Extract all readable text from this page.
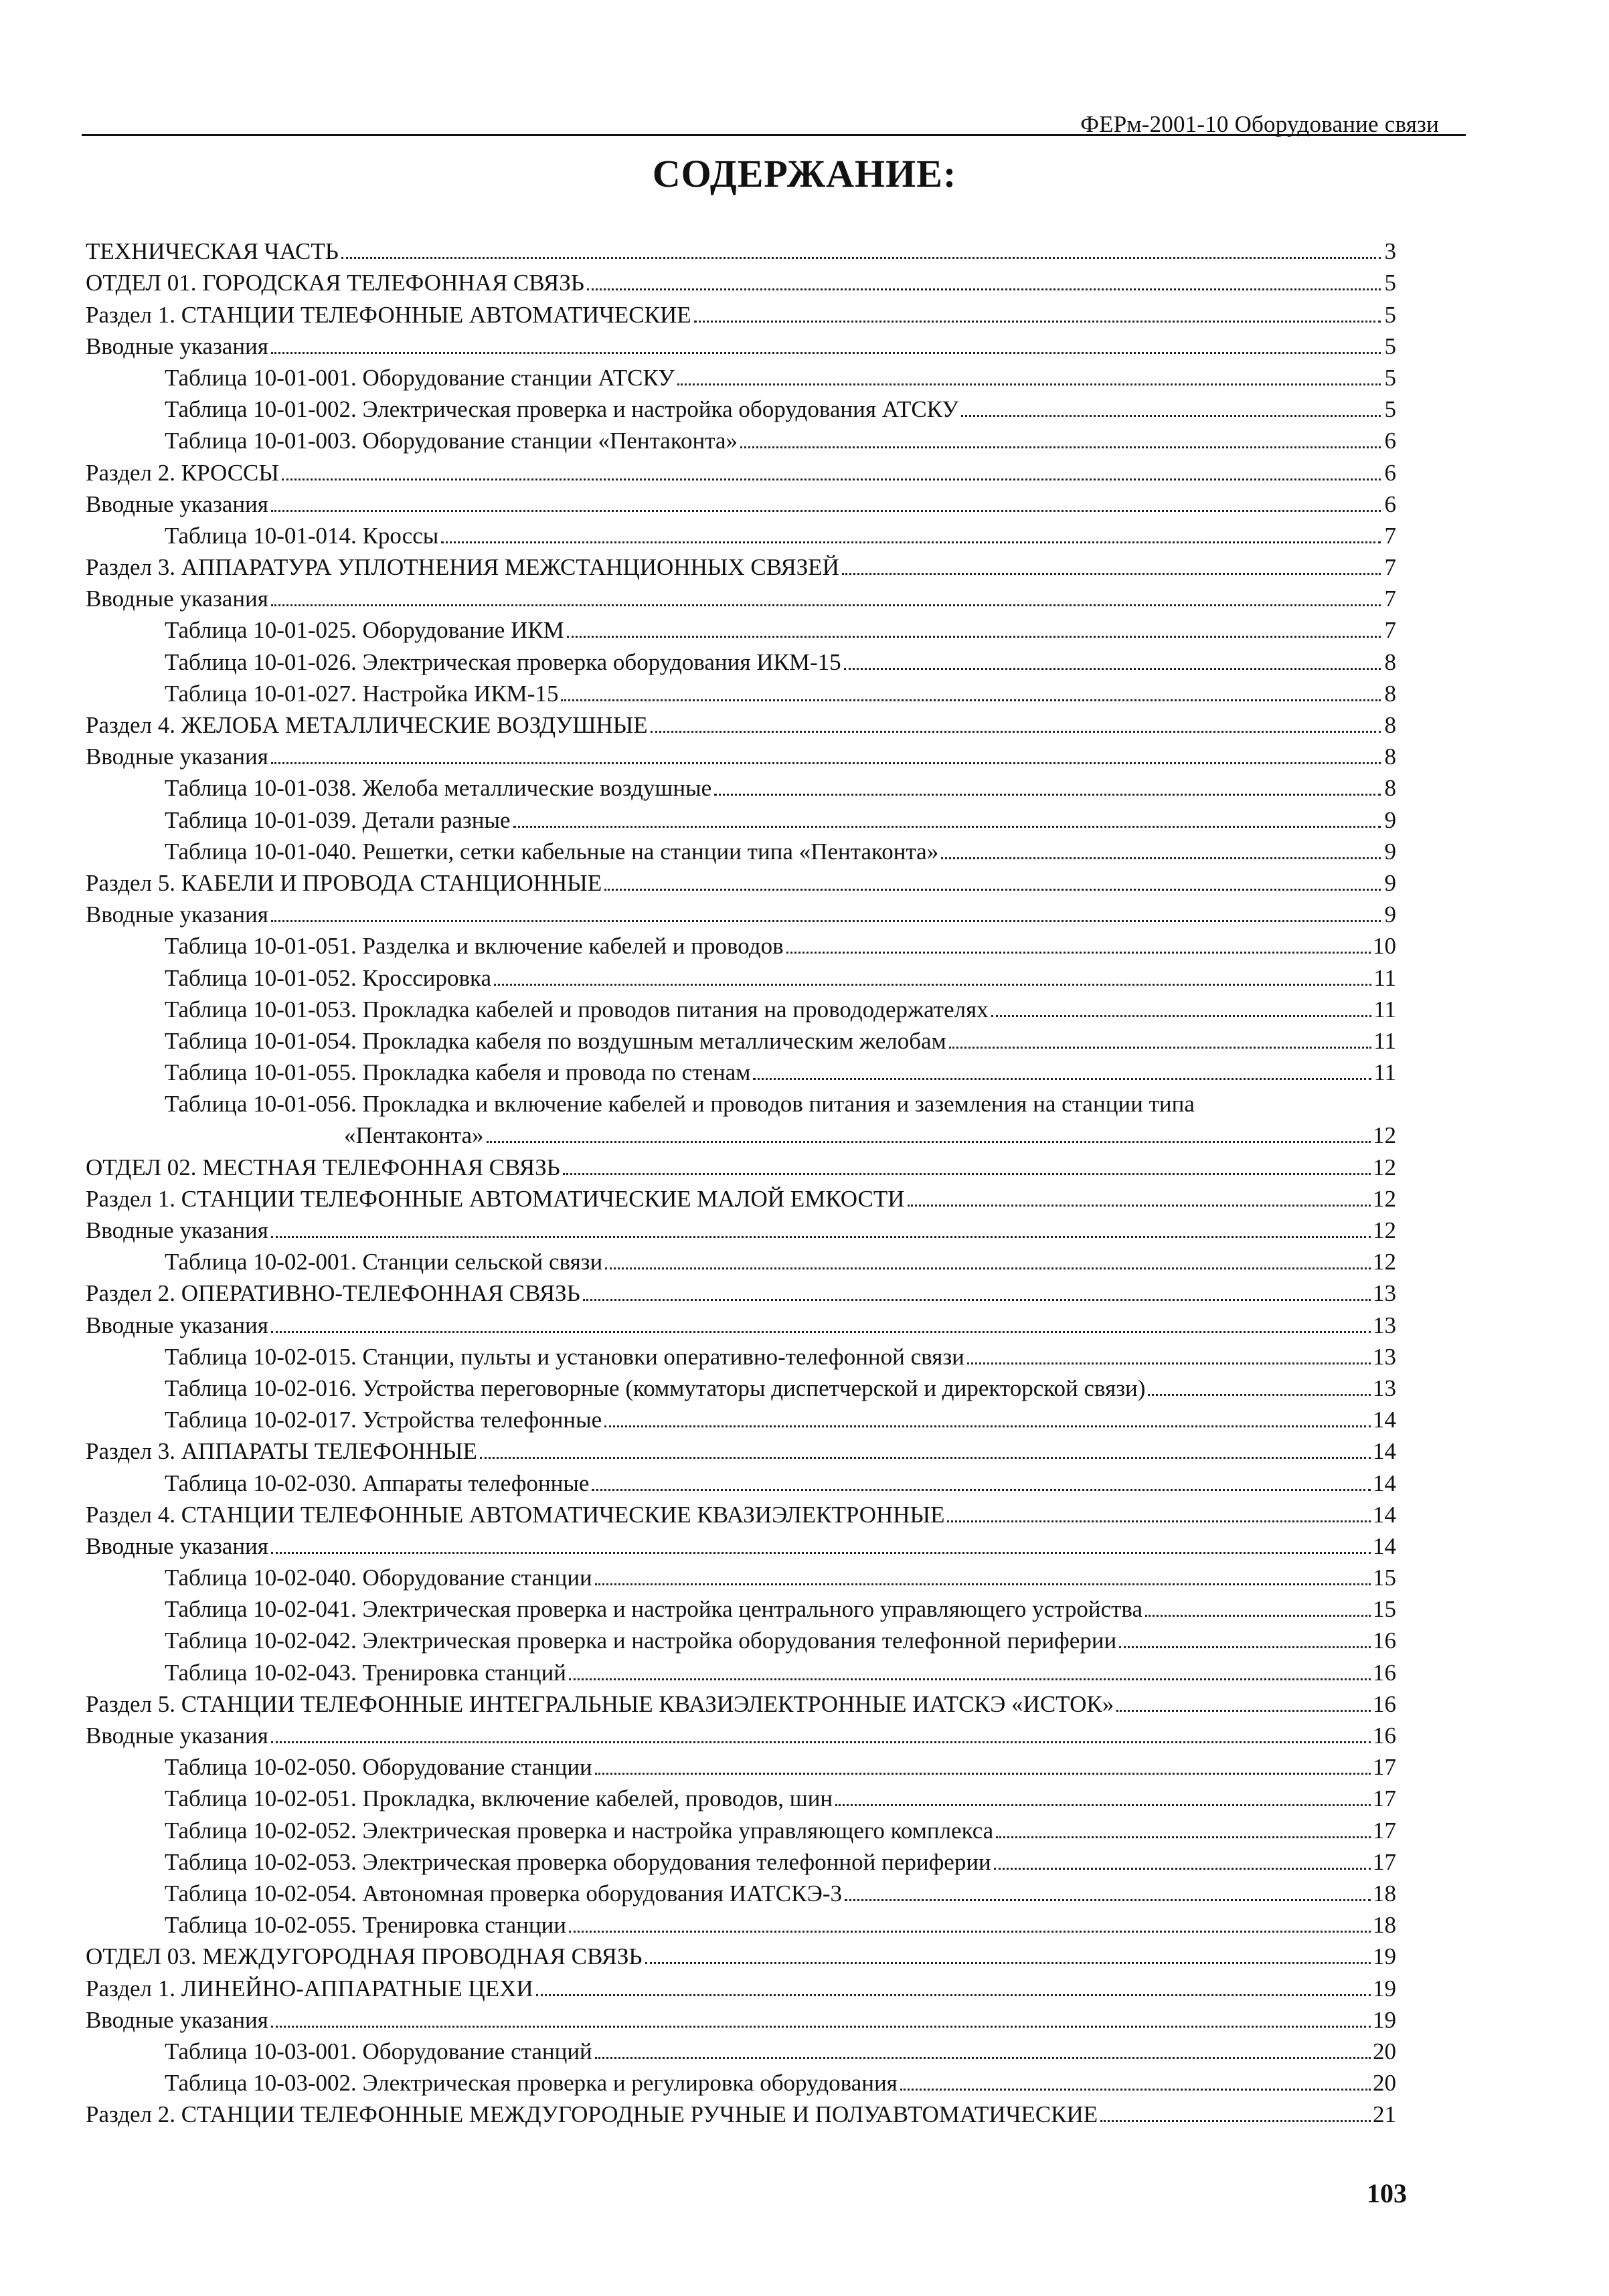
ФЕРм-2001-10 Оборудование связи
СОДЕРЖАНИЕ:
ТЕХНИЧЕСКАЯ ЧАСТЬ	3
ОТДЕЛ 01. ГОРОДСКАЯ ТЕЛЕФОННАЯ СВЯЗЬ	5
Раздел 1. СТАНЦИИ ТЕЛЕФОННЫЕ АВТОМАТИЧЕСКИЕ	5
Вводные указания	5
Таблица 10-01-001. Оборудование станции АТСКУ	5
Таблица 10-01-002. Электрическая проверка и настройка оборудования АТСКУ	5
Таблица 10-01-003. Оборудование станции «Пентаконта»	6
Раздел 2. КРОССЫ	6
Вводные указания	6
Таблица 10-01-014. Кроссы	7
Раздел 3. АППАРАТУРА УПЛОТНЕНИЯ МЕЖСТАНЦИОННЫХ СВЯЗЕЙ	7
Вводные указания	7
Таблица 10-01-025. Оборудование ИКМ	7
Таблица 10-01-026. Электрическая проверка оборудования ИКМ-15	8
Таблица 10-01-027. Настройка ИКМ-15	8
Раздел 4. ЖЕЛОБА МЕТАЛЛИЧЕСКИЕ ВОЗДУШНЫЕ	8
Вводные указания	8
Таблица 10-01-038. Желоба металлические воздушные	8
Таблица 10-01-039. Детали разные	9
Таблица 10-01-040. Решетки, сетки кабельные на станции типа «Пентаконта»	9
Раздел 5. КАБЕЛИ И ПРОВОДА СТАНЦИОННЫЕ	9
Вводные указания	9
Таблица 10-01-051. Разделка и включение кабелей и проводов	10
Таблица 10-01-052. Кроссировка	11
Таблица 10-01-053. Прокладка кабелей и проводов питания на провододержателях	11
Таблица 10-01-054. Прокладка кабеля по воздушным металлическим желобам	11
Таблица 10-01-055. Прокладка кабеля и провода по стенам	11
Таблица 10-01-056. Прокладка и включение кабелей и проводов питания и заземления на станции типа
«Пентаконта»	12
ОТДЕЛ 02. МЕСТНАЯ ТЕЛЕФОННАЯ СВЯЗЬ	12
Раздел 1. СТАНЦИИ ТЕЛЕФОННЫЕ АВТОМАТИЧЕСКИЕ МАЛОЙ ЕМКОСТИ	12
Вводные указания	12
Таблица 10-02-001. Станции сельской связи	12
Раздел 2. ОПЕРАТИВНО-ТЕЛЕФОННАЯ СВЯЗЬ	13
Вводные указания	13
Таблица 10-02-015. Станции, пульты и установки оперативно-телефонной связи	13
Таблица 10-02-016. Устройства переговорные (коммутаторы диспетчерской и директорской связи)	13
Таблица 10-02-017. Устройства телефонные	14
Раздел 3. АППАРАТЫ ТЕЛЕФОННЫЕ	14
Таблица 10-02-030. Аппараты телефонные	14
Раздел 4. СТАНЦИИ ТЕЛЕФОННЫЕ АВТОМАТИЧЕСКИЕ КВАЗИЭЛЕКТРОННЫЕ	14
Вводные указания	14
Таблица 10-02-040. Оборудование станции	15
Таблица 10-02-041. Электрическая проверка и настройка центрального управляющего устройства	15
Таблица 10-02-042. Электрическая проверка и настройка оборудования телефонной периферии	16
Таблица 10-02-043. Тренировка станций	16
Раздел 5. СТАНЦИИ ТЕЛЕФОННЫЕ ИНТЕГРАЛЬНЫЕ КВАЗИЭЛЕКТРОННЫЕ ИАТСКЭ «ИСТОК»	16
Вводные указания	16
Таблица 10-02-050. Оборудование станции	17
Таблица 10-02-051. Прокладка, включение кабелей, проводов, шин	17
Таблица 10-02-052. Электрическая проверка и настройка управляющего комплекса	17
Таблица 10-02-053. Электрическая проверка оборудования телефонной периферии	17
Таблица 10-02-054. Автономная проверка оборудования ИАТСКЭ-3	18
Таблица 10-02-055. Тренировка станции	18
ОТДЕЛ 03. МЕЖДУГОРОДНАЯ ПРОВОДНАЯ СВЯЗЬ	19
Раздел 1. ЛИНЕЙНО-АППАРАТНЫЕ ЦЕХИ	19
Вводные указания	19
Таблица 10-03-001. Оборудование станций	20
Таблица 10-03-002. Электрическая проверка и регулировка оборудования	20
Раздел 2. СТАНЦИИ ТЕЛЕФОННЫЕ МЕЖДУГОРОДНЫЕ РУЧНЫЕ И ПОЛУАВТОМАТИЧЕСКИЕ	21
103
